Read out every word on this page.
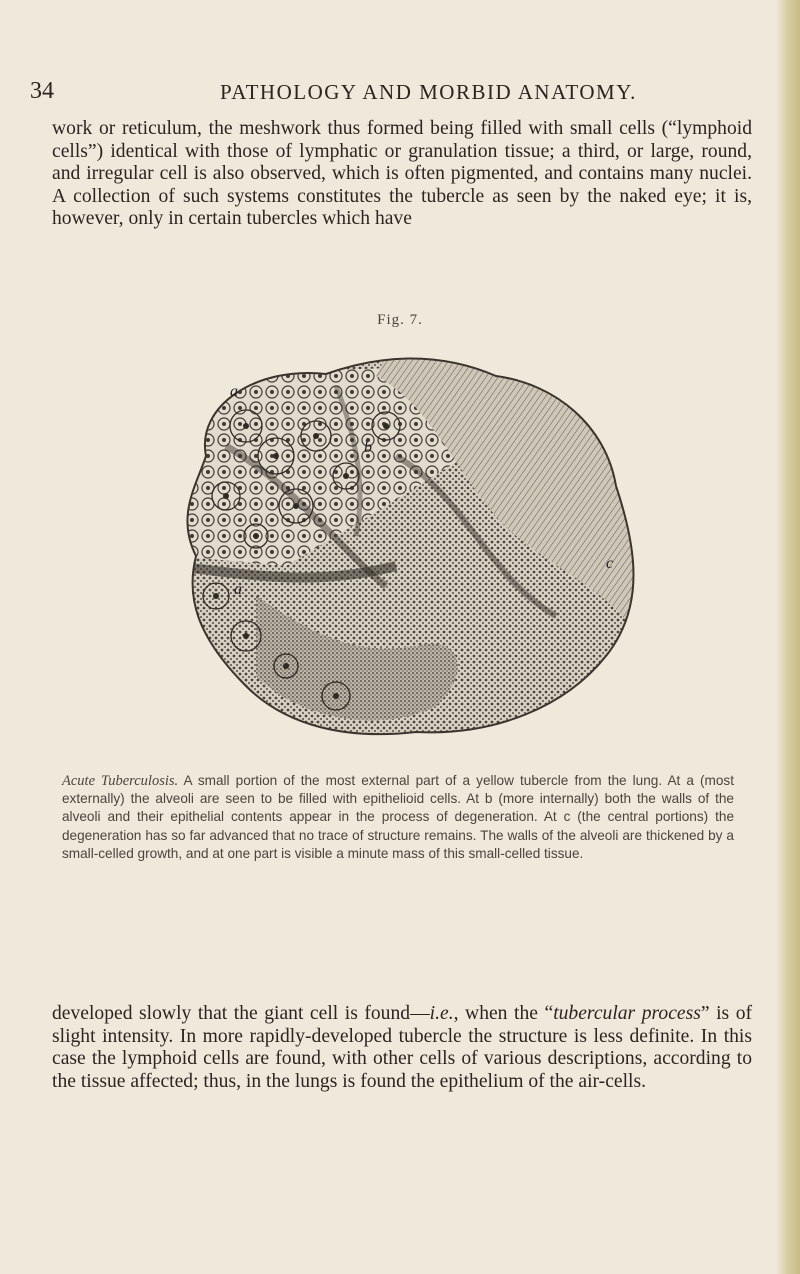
34	PATHOLOGY AND MORBID ANATOMY.

work or reticulum, the meshwork thus formed being filled with small cells (“lymphoid cells”) identical with those of lymphatic or granulation tissue; a third, or large, round, and irregular cell is also observed, which is often pigmented, and contains many nuclei. A collection of such systems constitutes the tubercle as seen by the naked eye; it is, however, only in certain tubercles which have

Fig. 7.
a
b
c
a

Acute Tuberculosis. A small portion of the most external part of a yellow tubercle from the lung. At a (most externally) the alveoli are seen to be filled with epithelioid cells. At b (more internally) both the walls of the alveoli and their epithelial contents appear in the process of degeneration. At c (the central portions) the degeneration has so far advanced that no trace of structure remains. The walls of the alveoli are thickened by a small-celled growth, and at one part is visible a minute mass of this small-celled tissue.

developed slowly that the giant cell is found—i.e., when the “tubercular process” is of slight intensity. In more rapidly-developed tubercle the structure is less definite. In this case the lymphoid cells are found, with other cells of various descriptions, according to the tissue affected; thus, in the lungs is found the epithelium of the air-cells.
